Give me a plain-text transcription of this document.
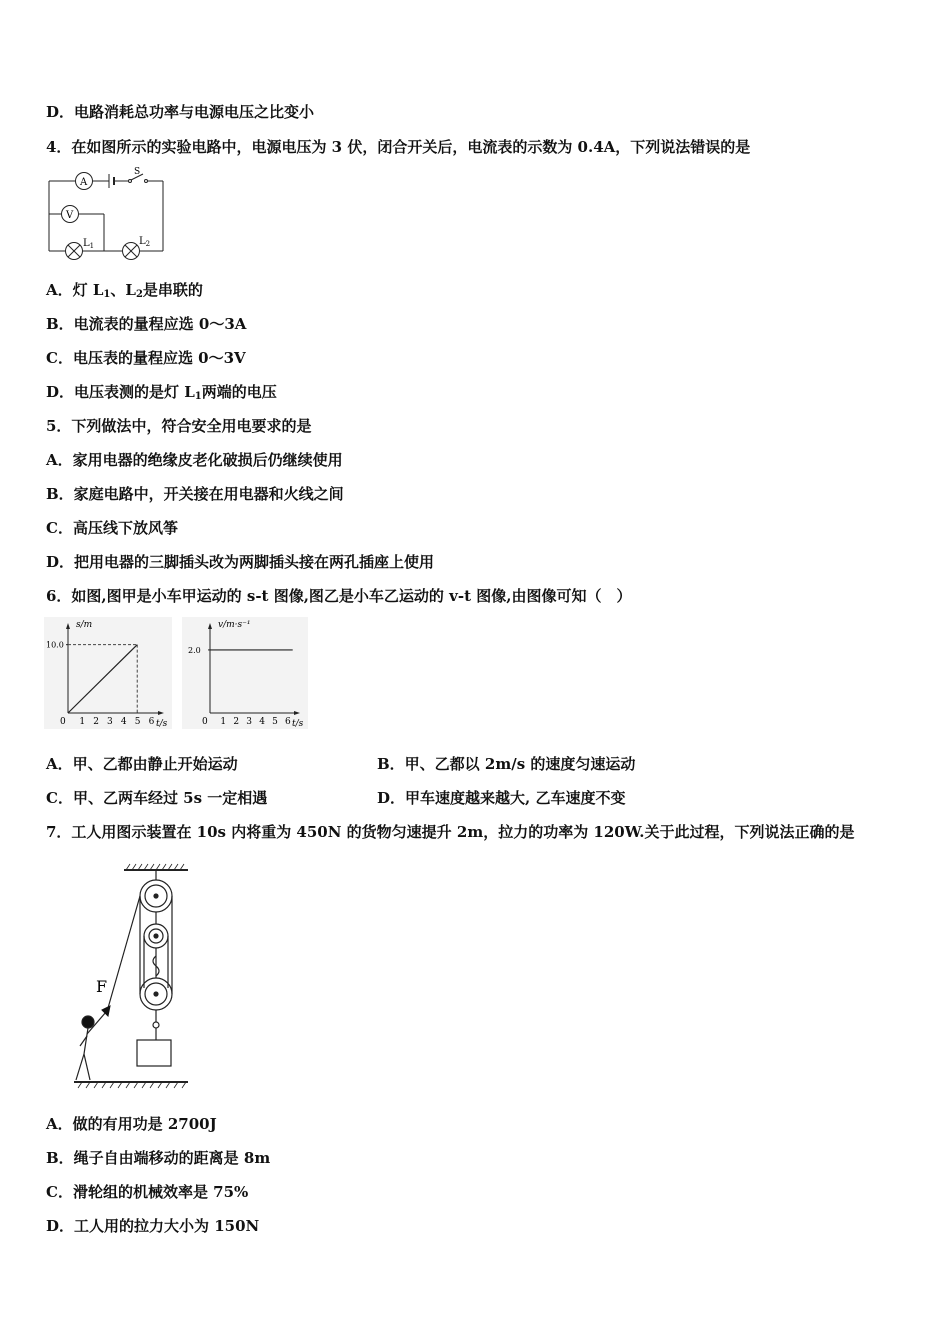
D．电路消耗总功率与电源电压之比变小
4．在如图所示的实验电路中，电源电压为 3 伏，闭合开关后，电流表的示数为 0.4A，下列说法错误的是
A
V
S
$L_1$	$L_2$
A．灯 $L_1$、$L_2$是串联的
B．电流表的量程应选 0～3A
C．电压表的量程应选 0～3V
D．电压表测的是灯 $L_1$两端的电压
5．下列做法中，符合安全用电要求的是
A．家用电器的绝缘皮老化破损后仍继续使用
B．家庭电路中，开关接在用电器和火线之间
C．高压线下放风筝
D．把用电器的三脚插头改为两脚插头接在两孔插座上使用
6．如图,图甲是小车甲运动的 s-t 图像,图乙是小车乙运动的 v-t 图像,由图像可知（　）
s/m
t/s
0 1 2 3 4 5 6
10.0
v/m·s⁻¹
t/s
0 1 2 3 4 5 6
2.0
A．甲、乙都由静止开始运动	B．甲、乙都以 2m/s 的速度匀速运动
C．甲、乙两车经过 5s 一定相遇	D．甲车速度越来越大, 乙车速度不变
7．工人用图示装置在 10s 内将重为 450N 的货物匀速提升 2m，拉力的功率为 120W.关于此过程，下列说法正确的是
F
A．做的有用功是 2700J
B．绳子自由端移动的距离是 8m
C．滑轮组的机械效率是 75%
D．工人用的拉力大小为 150N
